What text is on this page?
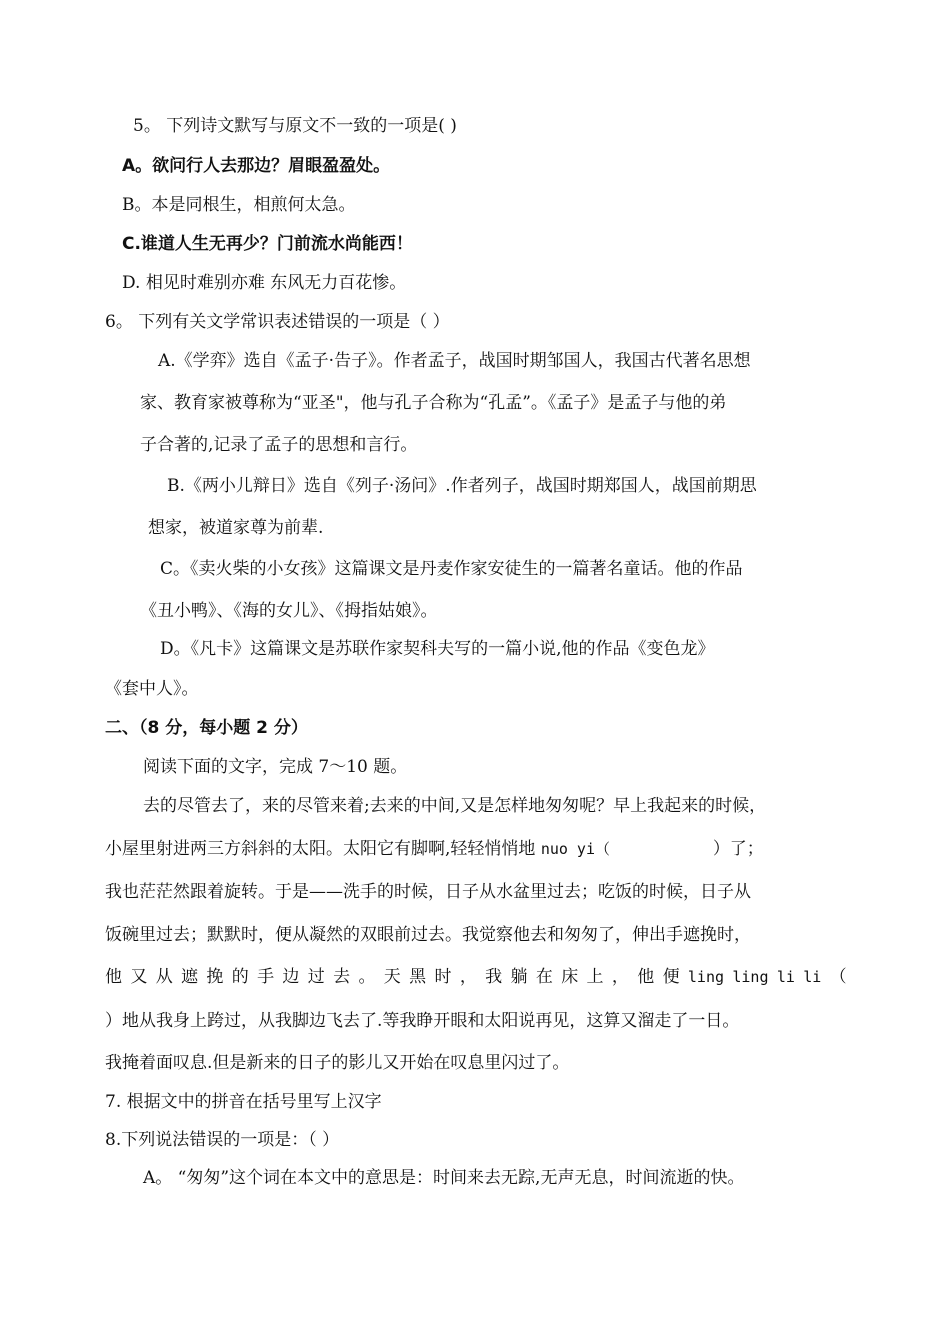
5。 下列诗文默写与原文不一致的一项是( )
A。欲问行人去那边？眉眼盈盈处。
B。本是同根生，相煎何太急。
C.谁道人生无再少？门前流水尚能西！
D. 相见时难别亦难 东风无力百花惨。
6。 下列有关文学常识表述错误的一项是（ ）
A.《学弈》选自《孟子·告子》。作者孟子，战国时期邹国人，我国古代著名思想
家、教育家被尊称为“亚圣"，他与孔子合称为“孔孟”。《孟子》是孟子与他的弟
子合著的,记录了孟子的思想和言行。
B.《两小儿辩日》选自《列子·汤问》.作者列子，战国时期郑国人，战国前期思
想家，被道家尊为前辈.
C。《卖火柴的小女孩》这篇课文是丹麦作家安徒生的一篇著名童话。他的作品
《丑小鸭》、《海的女儿》、《拇指姑娘》。
D。《凡卡》这篇课文是苏联作家契科夫写的一篇小说,他的作品《变色龙》
《套中人》。
二、（8 分，每小题 2 分）
阅读下面的文字，完成 7～10 题。
去的尽管去了，来的尽管来着;去来的中间,又是怎样地匆匆呢？早上我起来的时候，
小屋里射进两三方斜斜的太阳。太阳它有脚啊,轻轻悄悄地 nuo yi（	）了；
我也茫茫然跟着旋转。于是——洗手的时候，日子从水盆里过去；吃饭的时候，日子从
饭碗里过去；默默时，便从凝然的双眼前过去。我觉察他去和匆匆了，伸出手遮挽时，
他 又 从 遮 挽 的 手 边 过 去 。 天 黑 时 ， 我 躺 在 床 上 ， 他 便 ling ling li li （
）地从我身上跨过，从我脚边飞去了.等我睁开眼和太阳说再见，这算又溜走了一日。
我掩着面叹息.但是新来的日子的影儿又开始在叹息里闪过了。
7. 根据文中的拼音在括号里写上汉字
8.下列说法错误的一项是：（ ）
A。 “匆匆”这个词在本文中的意思是：时间来去无踪,无声无息，时间流逝的快。
